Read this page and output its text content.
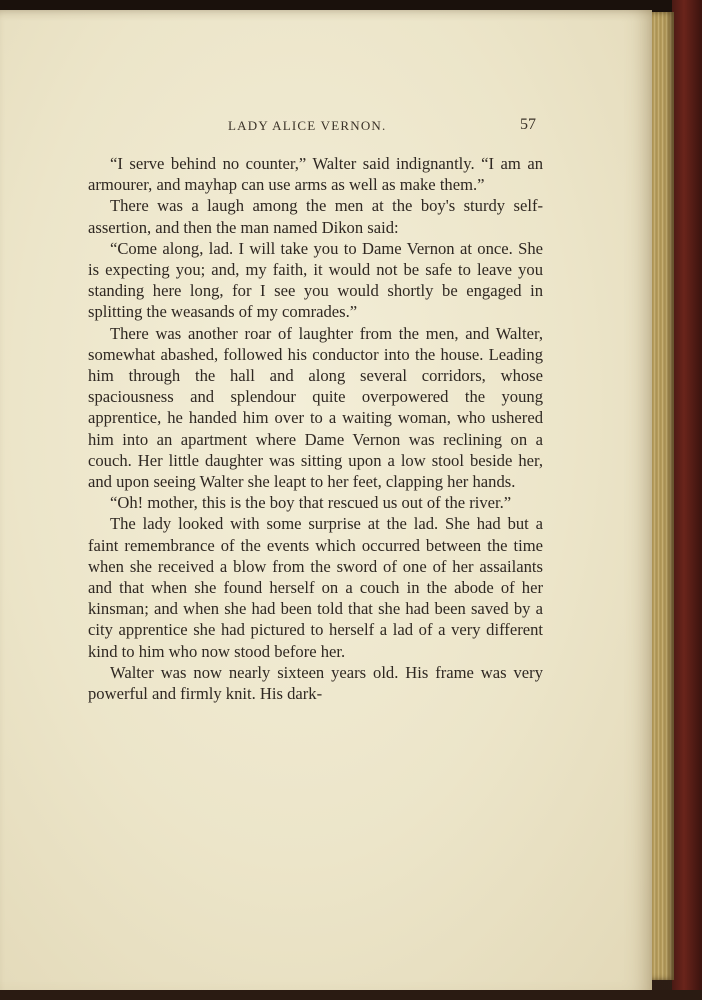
LADY ALICE VERNON.	57

“I serve behind no counter,” Walter said indignantly. “I am an armourer, and mayhap can use arms as well as make them.”

There was a laugh among the men at the boy's sturdy self-assertion, and then the man named Dikon said:

“Come along, lad. I will take you to Dame Vernon at once. She is expecting you; and, my faith, it would not be safe to leave you standing here long, for I see you would shortly be engaged in splitting the weasands of my comrades.”

There was another roar of laughter from the men, and Walter, somewhat abashed, followed his conductor into the house. Leading him through the hall and along several corridors, whose spaciousness and splendour quite overpowered the young apprentice, he handed him over to a waiting woman, who ushered him into an apartment where Dame Vernon was reclining on a couch. Her little daughter was sitting upon a low stool beside her, and upon seeing Walter she leapt to her feet, clapping her hands.

“Oh! mother, this is the boy that rescued us out of the river.”

The lady looked with some surprise at the lad. She had but a faint remembrance of the events which occurred between the time when she received a blow from the sword of one of her assailants and that when she found herself on a couch in the abode of her kinsman; and when she had been told that she had been saved by a city apprentice she had pictured to herself a lad of a very different kind to him who now stood before her.

Walter was now nearly sixteen years old. His frame was very powerful and firmly knit. His dark-
